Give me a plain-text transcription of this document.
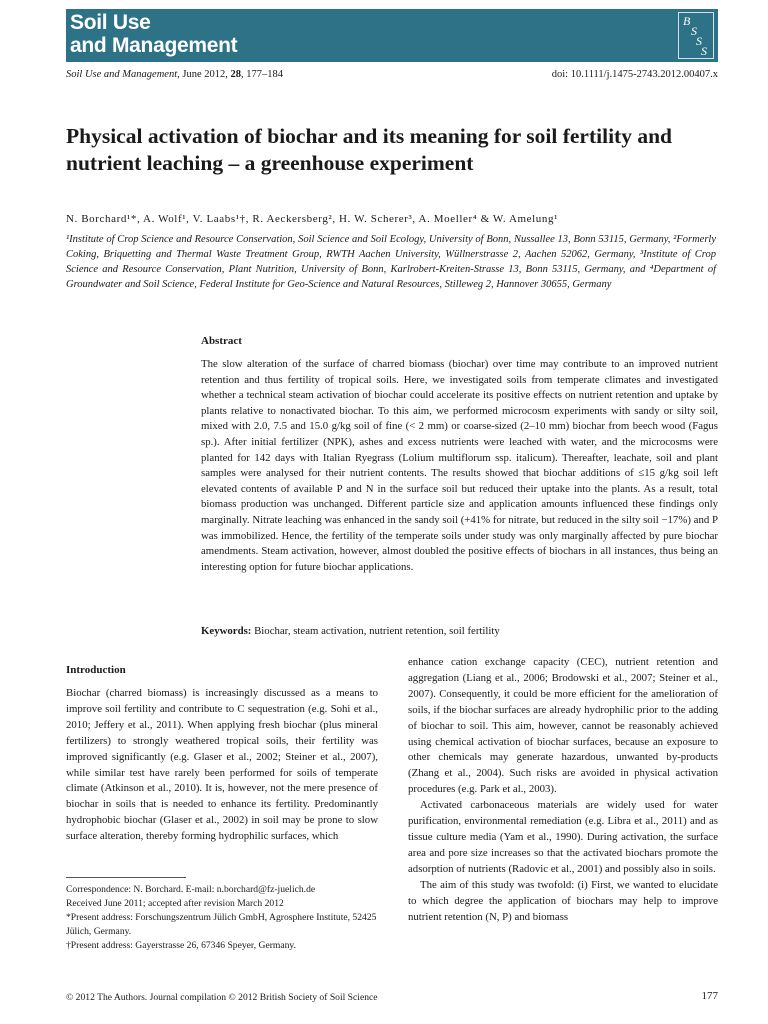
Soil Use
and Management
B
S
S
S
Soil Use and Management, June 2012, 28, 177–184	doi: 10.1111/j.1475-2743.2012.00407.x
Physical activation of biochar and its meaning for soil fertility and nutrient leaching – a greenhouse experiment
N. Borchard¹*, A. Wolf¹, V. Laabs¹†, R. Aeckersberg², H. W. Scherer³, A. Moeller⁴ & W. Amelung¹
¹Institute of Crop Science and Resource Conservation, Soil Science and Soil Ecology, University of Bonn, Nussallee 13, Bonn 53115, Germany, ²Formerly Coking, Briquetting and Thermal Waste Treatment Group, RWTH Aachen University, Wüllnerstrasse 2, Aachen 52062, Germany, ³Institute of Crop Science and Resource Conservation, Plant Nutrition, University of Bonn, Karlrobert-Kreiten-Strasse 13, Bonn 53115, Germany, and ⁴Department of Groundwater and Soil Science, Federal Institute for Geo-Science and Natural Resources, Stilleweg 2, Hannover 30655, Germany
Abstract
The slow alteration of the surface of charred biomass (biochar) over time may contribute to an improved nutrient retention and thus fertility of tropical soils. Here, we investigated soils from temperate climates and investigated whether a technical steam activation of biochar could accelerate its positive effects on nutrient retention and uptake by plants relative to nonactivated biochar. To this aim, we performed microcosm experiments with sandy or silty soil, mixed with 2.0, 7.5 and 15.0 g/kg soil of fine (< 2 mm) or coarse-sized (2–10 mm) biochar from beech wood (Fagus sp.). After initial fertilizer (NPK), ashes and excess nutrients were leached with water, and the microcosms were planted for 142 days with Italian Ryegrass (Lolium multiflorum ssp. italicum). Thereafter, leachate, soil and plant samples were analysed for their nutrient contents. The results showed that biochar additions of ≤15 g/kg soil left elevated contents of available P and N in the surface soil but reduced their uptake into the plants. As a result, total biomass production was unchanged. Different particle size and application amounts influenced these findings only marginally. Nitrate leaching was enhanced in the sandy soil (+41% for nitrate, but reduced in the silty soil −17%) and P was immobilized. Hence, the fertility of the temperate soils under study was only marginally affected by pure biochar amendments. Steam activation, however, almost doubled the positive effects of biochars in all instances, thus being an interesting option for future biochar applications.
Keywords: Biochar, steam activation, nutrient retention, soil fertility
Introduction

Biochar (charred biomass) is increasingly discussed as a means to improve soil fertility and contribute to C sequestration (e.g. Sohi et al., 2010; Jeffery et al., 2011). When applying fresh biochar (plus mineral fertilizers) to strongly weathered tropical soils, their fertility was improved significantly (e.g. Glaser et al., 2002; Steiner et al., 2007), while similar test have rarely been performed for soils of temperate climate (Atkinson et al., 2010). It is, however, not the mere presence of biochar in soils that is needed to enhance its fertility. Predominantly hydrophobic biochar (Glaser et al., 2002) in soil may be prone to slow surface alteration, thereby forming hydrophilic surfaces, which

enhance cation exchange capacity (CEC), nutrient retention and aggregation (Liang et al., 2006; Brodowski et al., 2007; Steiner et al., 2007). Consequently, it could be more efficient for the amelioration of soils, if the biochar surfaces are already hydrophilic prior to the adding of biochar to soil. This aim, however, cannot be reasonably achieved using chemical activation of biochar surfaces, because an exposure to other chemicals may generate hazardous, unwanted by-products (Zhang et al., 2004). Such risks are avoided in physical activation procedures (e.g. Park et al., 2003).

Activated carbonaceous materials are widely used for water purification, environmental remediation (e.g. Libra et al., 2011) and as tissue culture media (Yam et al., 1990). During activation, the surface area and pore size increases so that the activated biochars promote the adsorption of nutrients (Radovic et al., 2001) and possibly also in soils.

The aim of this study was twofold: (i) First, we wanted to elucidate to which degree the application of biochars may help to improve nutrient retention (N, P) and biomass

Correspondence: N. Borchard. E-mail: n.borchard@fz-juelich.de
Received June 2011; accepted after revision March 2012
*Present address: Forschungszentrum Jülich GmbH, Agrosphere Institute, 52425 Jülich, Germany.
†Present address: Gayerstrasse 26, 67346 Speyer, Germany.
© 2012 The Authors. Journal compilation © 2012 British Society of Soil Science	177
